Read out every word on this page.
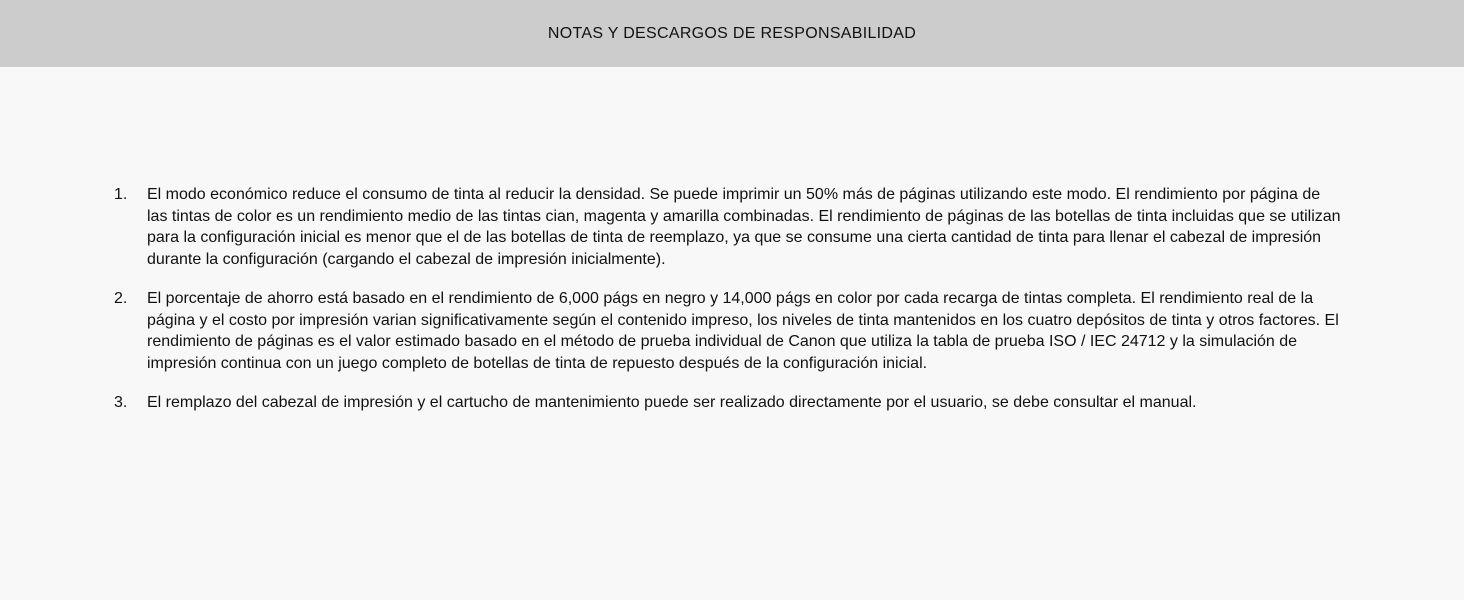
NOTAS Y DESCARGOS DE RESPONSABILIDAD
1.	El modo económico reduce el consumo de tinta al reducir la densidad. Se puede imprimir un 50% más de páginas utilizando este modo. El rendimiento por página de las tintas de color es un rendimiento medio de las tintas cian, magenta y amarilla combinadas. El rendimiento de páginas de las botellas de tinta incluidas que se utilizan para la configuración inicial es menor que el de las botellas de tinta de reemplazo, ya que se consume una cierta cantidad de tinta para llenar el cabezal de impresión durante la configuración (cargando el cabezal de impresión inicialmente).
2.	El porcentaje de ahorro está basado en el rendimiento de 6,000 págs en negro y 14,000 págs en color por cada recarga de tintas completa. El rendimiento real de la página y el costo por impresión varian significativamente según el contenido impreso, los niveles de tinta mantenidos en los cuatro depósitos de tinta y otros factores. El rendimiento de páginas es el valor estimado basado en el método de prueba individual de Canon que utiliza la tabla de prueba ISO / IEC 24712 y la simulación de impresión continua con un juego completo de botellas de tinta de repuesto después de la configuración inicial.
3.	El remplazo del cabezal de impresión y el cartucho de mantenimiento puede ser realizado directamente por el usuario, se debe consultar el manual.
